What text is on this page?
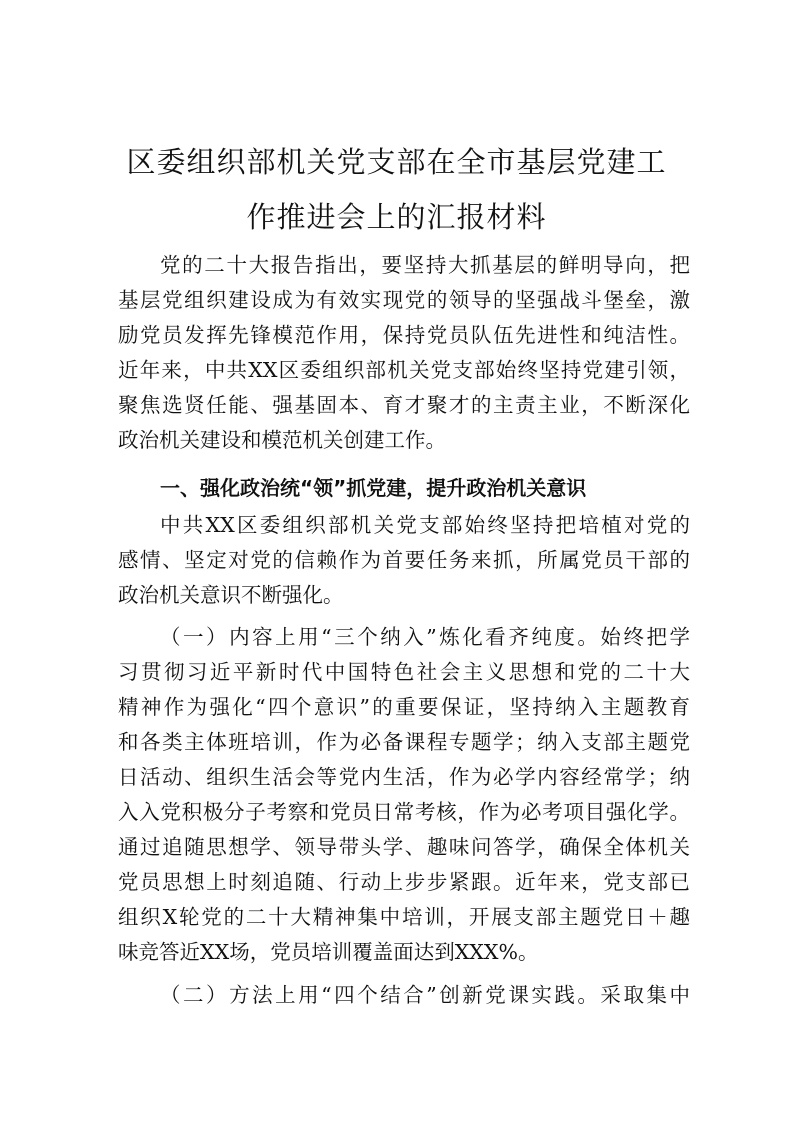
区委组织部机关党支部在全市基层党建工
作推进会上的汇报材料
党的二十大报告指出，要坚持大抓基层的鲜明导向，把
基层党组织建设成为有效实现党的领导的坚强战斗堡垒，激
励党员发挥先锋模范作用，保持党员队伍先进性和纯洁性。
近年来，中共XX区委组织部机关党支部始终坚持党建引领，
聚焦选贤任能、强基固本、育才聚才的主责主业，不断深化
政治机关建设和模范机关创建工作。
一、强化政治统“领”抓党建，提升政治机关意识
中共XX区委组织部机关党支部始终坚持把培植对党的
感情、坚定对党的信赖作为首要任务来抓，所属党员干部的
政治机关意识不断强化。
（一）内容上用“三个纳入”炼化看齐纯度。始终把学
习贯彻习近平新时代中国特色社会主义思想和党的二十大
精神作为强化“四个意识”的重要保证，坚持纳入主题教育
和各类主体班培训，作为必备课程专题学；纳入支部主题党
日活动、组织生活会等党内生活，作为必学内容经常学；纳
入入党积极分子考察和党员日常考核，作为必考项目强化学。
通过追随思想学、领导带头学、趣味问答学，确保全体机关
党员思想上时刻追随、行动上步步紧跟。近年来，党支部已
组织X轮党的二十大精神集中培训，开展支部主题党日＋趣
味竞答近XX场，党员培训覆盖面达到XXX%。
（二）方法上用“四个结合”创新党课实践。采取集中
